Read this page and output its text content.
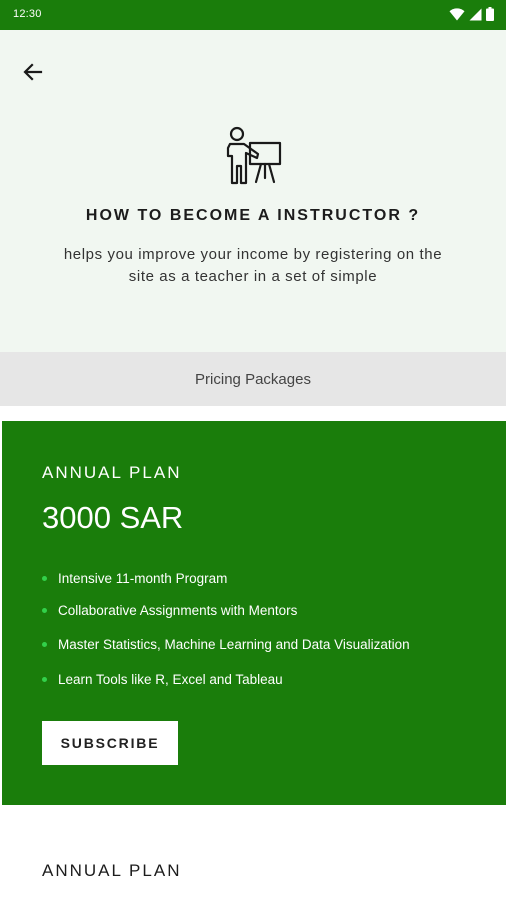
12:30
HOW TO BECOME A INSTRUCTOR ?
helps you improve your income by registering on the site as a teacher in a set of simple
Pricing Packages
ANNUAL PLAN
3000 SAR
Intensive 11-month Program
Collaborative Assignments with Mentors
Master Statistics, Machine Learning and Data Visualization
Learn Tools like R, Excel and Tableau
SUBSCRIBE
ANNUAL PLAN
